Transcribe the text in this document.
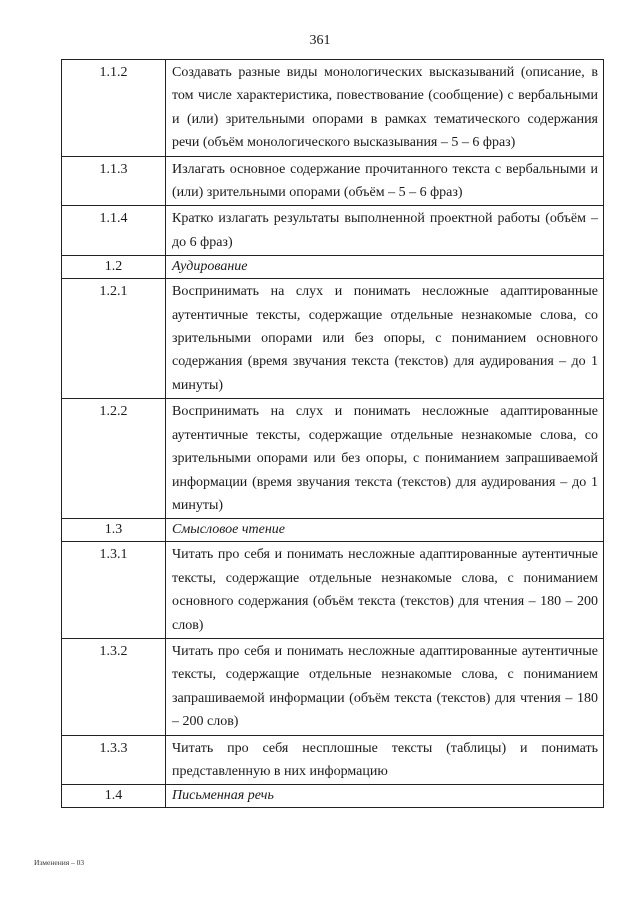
361
1.1.2	Создавать разные виды монологических высказываний (описание, в том числе характеристика, повествование (сообщение) с вербальными и (или) зрительными опорами в рамках тематического содержания речи (объём монологического высказывания – 5 – 6 фраз)
1.1.3	Излагать основное содержание прочитанного текста с вербальными и (или) зрительными опорами (объём – 5 – 6 фраз)
1.1.4	Кратко излагать результаты выполненной проектной работы (объём – до 6 фраз)
1.2	Аудирование
1.2.1	Воспринимать на слух и понимать несложные адаптированные аутентичные тексты, содержащие отдельные незнакомые слова, со зрительными опорами или без опоры, с пониманием основного содержания (время звучания текста (текстов) для аудирования – до 1 минуты)
1.2.2	Воспринимать на слух и понимать несложные адаптированные аутентичные тексты, содержащие отдельные незнакомые слова, со зрительными опорами или без опоры, с пониманием запрашиваемой информации (время звучания текста (текстов) для аудирования – до 1 минуты)
1.3	Смысловое чтение
1.3.1	Читать про себя и понимать несложные адаптированные аутентичные тексты, содержащие отдельные незнакомые слова, с пониманием основного содержания (объём текста (текстов) для чтения – 180 – 200 слов)
1.3.2	Читать про себя и понимать несложные адаптированные аутентичные тексты, содержащие отдельные незнакомые слова, с пониманием запрашиваемой информации (объём текста (текстов) для чтения – 180 – 200 слов)
1.3.3	Читать про себя несплошные тексты (таблицы) и понимать представленную в них информацию
1.4	Письменная речь
Изменения – 03
